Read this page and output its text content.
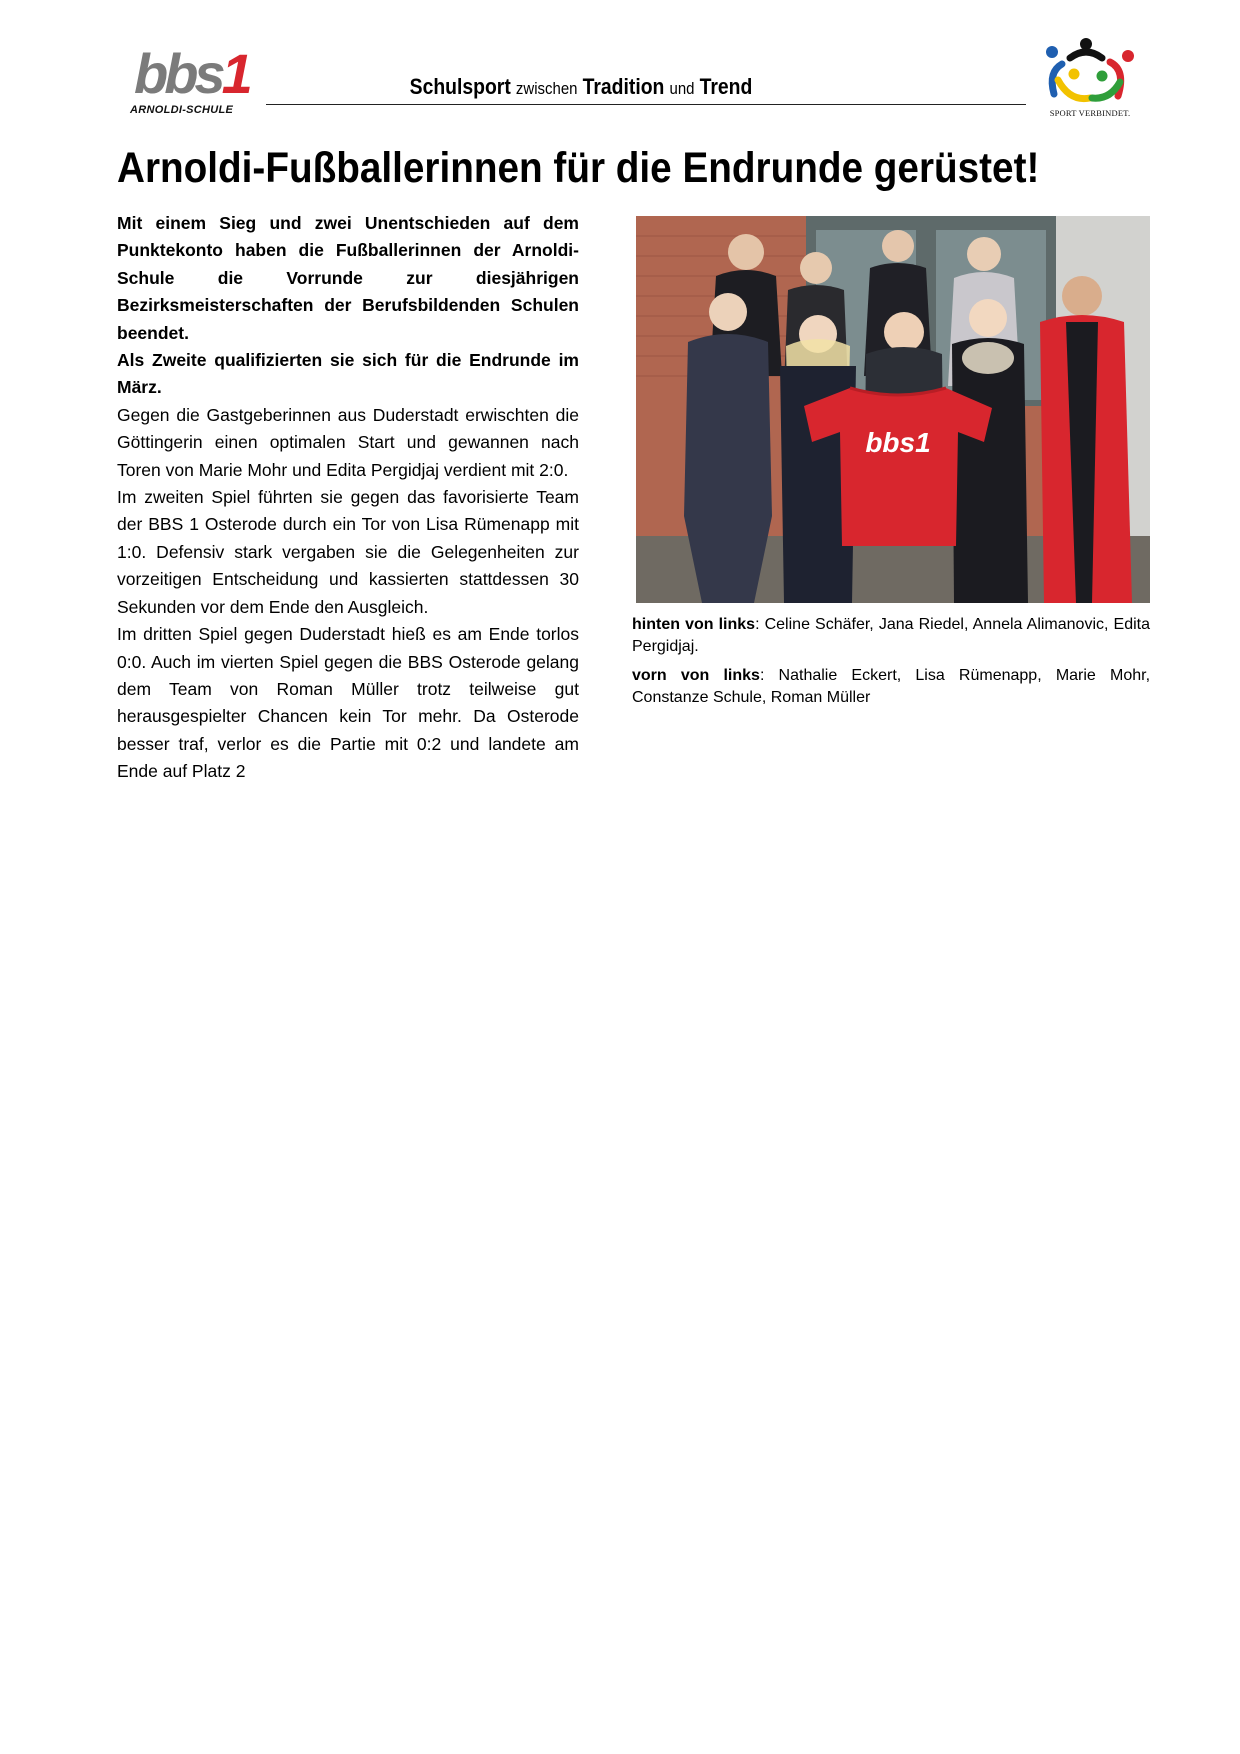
bbs1
ARNOLDI-SCHULE
Schulsport zwischen Tradition und Trend
SPORT VERBINDET.
Arnoldi-Fußballerinnen für die Endrunde gerüstet!

Mit einem Sieg und zwei Unentschieden auf dem Punktekonto haben die Fußballerinnen der Arnoldi-Schule die Vorrunde zur diesjährigen Bezirksmeisterschaften der Berufsbildenden Schulen beendet.

Als Zweite qualifizierten sie sich für die Endrunde im März.

Gegen die Gastgeberinnen aus Duderstadt erwischten die Göttingerin einen optimalen Start und gewannen nach Toren von Marie Mohr und Edita Pergidjaj verdient mit 2:0.

Im zweiten Spiel führten sie gegen das favorisierte Team der BBS 1 Osterode durch ein Tor von Lisa Rümenapp mit 1:0. Defensiv stark vergaben sie die Gelegenheiten zur vorzeitigen Entscheidung und kassierten stattdessen 30 Sekunden vor dem Ende den Ausgleich.

Im dritten Spiel gegen Duderstadt hieß es am Ende torlos 0:0. Auch im vierten Spiel gegen die BBS Osterode gelang dem Team von Roman Müller trotz teilweise gut herausgespielter Chancen kein Tor mehr. Da Osterode besser traf, verlor es die Partie mit 0:2 und landete am Ende auf Platz 2

bbs1

hinten von links: Celine Schäfer, Jana Riedel, Annela Alimanovic, Edita Pergidjaj.

vorn von links: Nathalie Eckert, Lisa Rümenapp, Marie Mohr, Constanze Schule, Roman Müller
